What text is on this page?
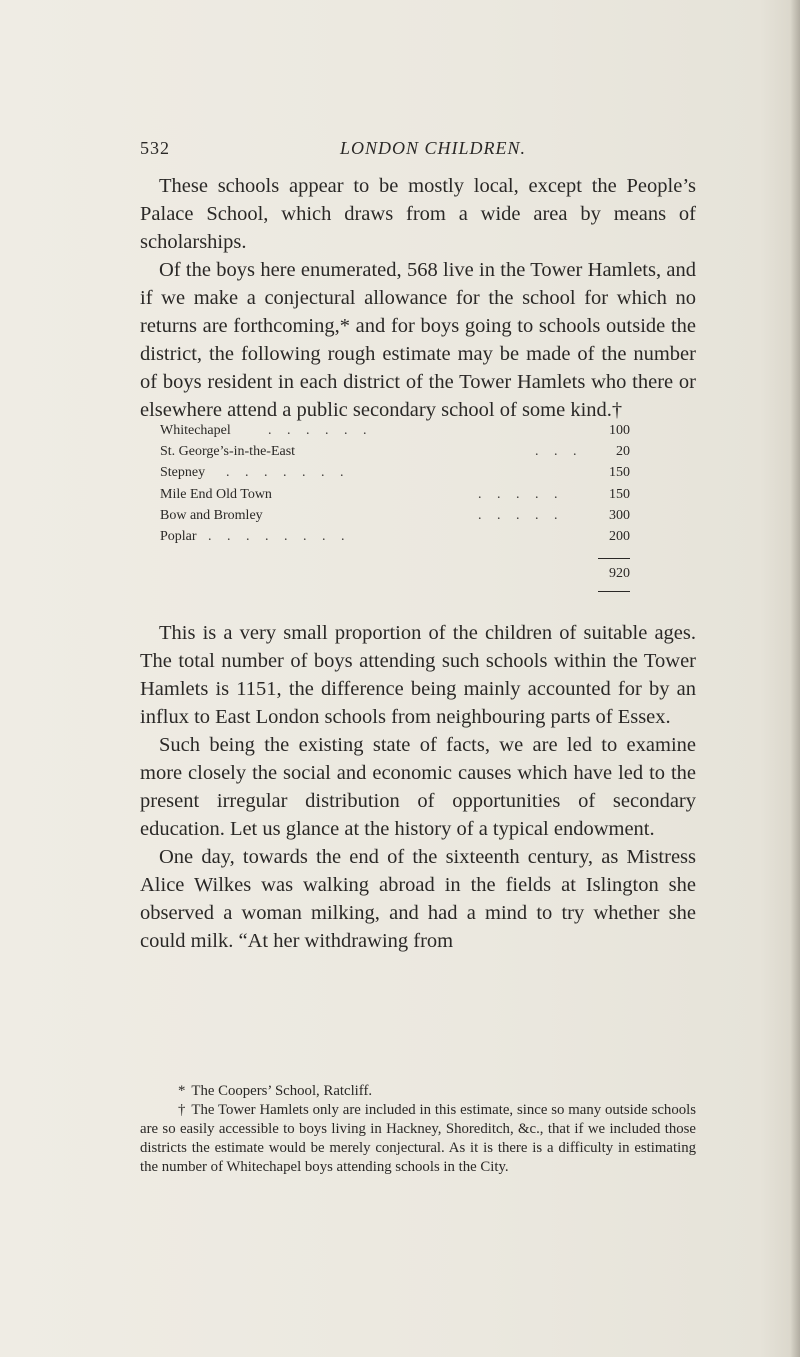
532	LONDON CHILDREN.

These schools appear to be mostly local, except the People’s Palace School, which draws from a wide area by means of scholarships.

Of the boys here enumerated, 568 live in the Tower Hamlets, and if we make a conjectural allowance for the school for which no returns are forthcoming,* and for boys going to schools outside the district, the following rough estimate may be made of the number of boys resident in each district of the Tower Hamlets who there or elsewhere attend a public secondary school of some kind.†

Whitechapel	. . . . . .	100
St. George’s-in-the-East	. . . 20
Stepney . . . . . . .	150
Mile End Old Town	. . . . .	150
Bow and Bromley	. . . . .	300
Poplar . . . . . . . .	200
920

This is a very small proportion of the children of suitable ages. The total number of boys attending such schools within the Tower Hamlets is 1151, the difference being mainly accounted for by an influx to East London schools from neighbouring parts of Essex.

Such being the existing state of facts, we are led to examine more closely the social and economic causes which have led to the present irregular distribution of opportunities of secondary education. Let us glance at the history of a typical endowment.

One day, towards the end of the sixteenth century, as Mistress Alice Wilkes was walking abroad in the fields at Islington she observed a woman milking, and had a mind to try whether she could milk. “At her withdrawing from

* The Coopers’ School, Ratcliff.

† The Tower Hamlets only are included in this estimate, since so many outside schools are so easily accessible to boys living in Hackney, Shoreditch, &c., that if we included those districts the estimate would be merely conjectural. As it is there is a difficulty in estimating the number of Whitechapel boys attending schools in the City.
